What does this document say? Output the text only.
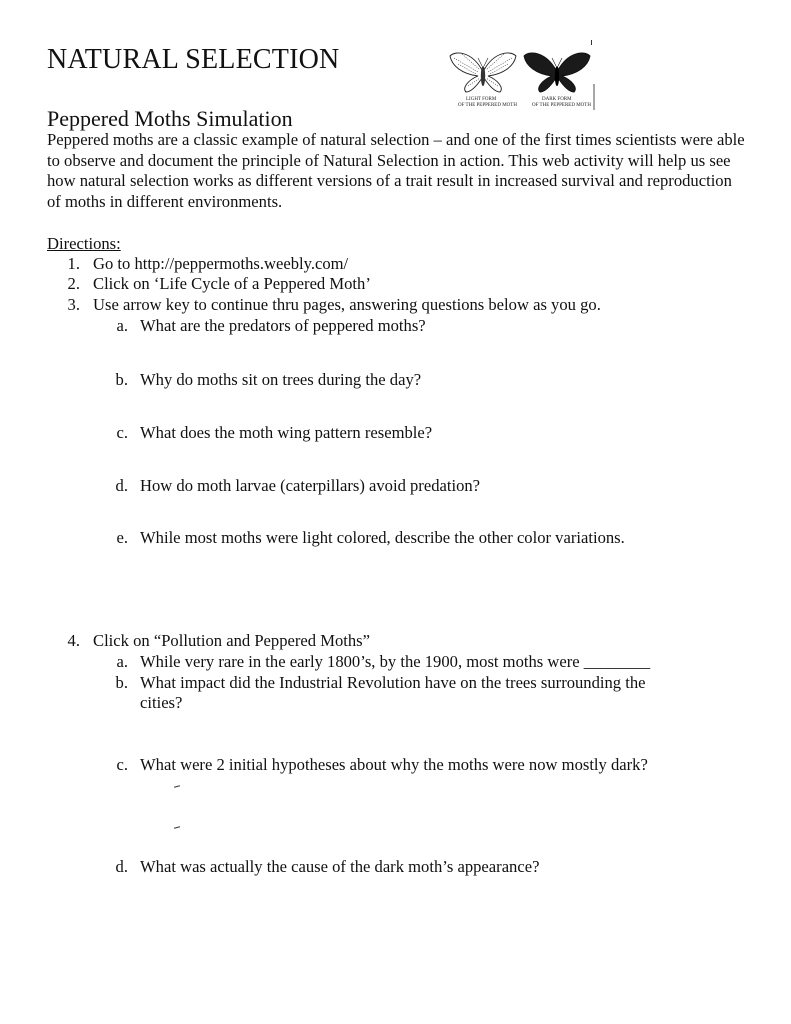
NATURAL SELECTION
LIGHT FORM
OF THE PEPPERED MOTH
DARK FORM
OF THE PEPPERED MOTH
Peppered Moths Simulation
Peppered moths are a classic example of natural selection – and one of the first times scientists were able to observe and document the principle of Natural Selection in action. This web activity will help us see how natural selection works as different versions of a trait result in increased survival and reproduction of moths in different environments.
Directions:
1. Go to http://peppermoths.weebly.com/
2. Click on ‘Life Cycle of a Peppered Moth’
3. Use arrow key to continue thru pages, answering questions below as you go.
a. What are the predators of peppered moths?
b. Why do moths sit on trees during the day?
c. What does the moth wing pattern resemble?
d. How do moth larvae (caterpillars) avoid predation?
e. While most moths were light colored, describe the other color variations.
4. Click on “Pollution and Peppered Moths”
a. While very rare in the early 1800’s, by the 1900, most moths were ________
b. What impact did the Industrial Revolution have on the trees surrounding the
cities?
c. What were 2 initial hypotheses about why the moths were now mostly dark?
d. What was actually the cause of the dark moth’s appearance?
